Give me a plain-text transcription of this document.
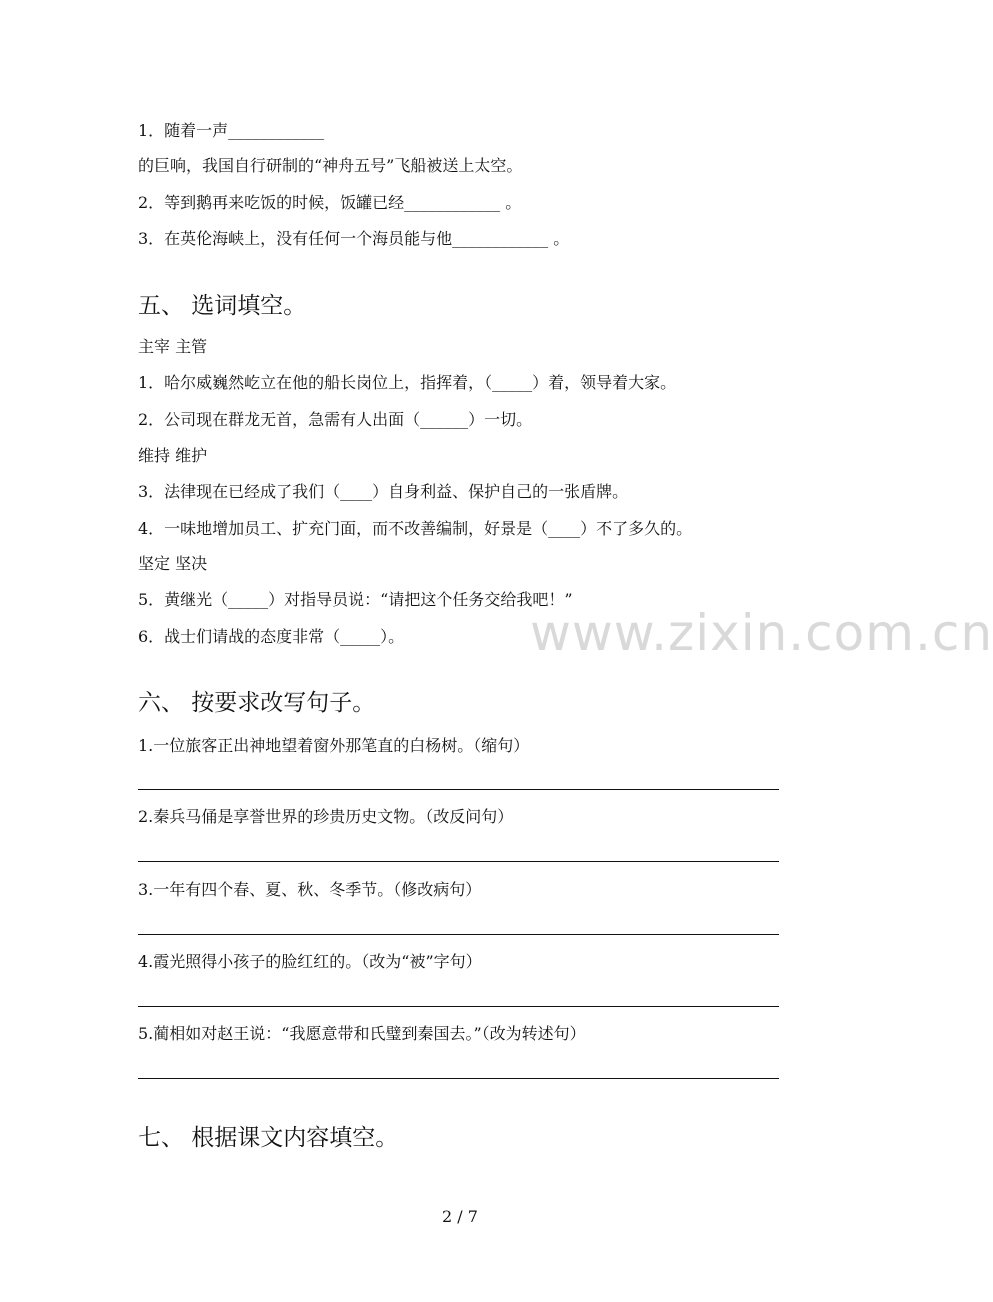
1．随着一声____________
的巨响，我国自行研制的“神舟五号”飞船被送上太空。
2．等到鹅再来吃饭的时候，饭罐已经____________ 。
3．在英伦海峡上，没有任何一个海员能与他____________ 。
五、 选词填空。
主宰 主管
1．哈尔威巍然屹立在他的船长岗位上，指挥着，（_____）着，领导着大家。
2．公司现在群龙无首，急需有人出面（______）一切。
维持 维护
3．法律现在已经成了我们（____）自身利益、保护自己的一张盾牌。
4．一味地增加员工、扩充门面，而不改善编制，好景是（____）不了多久的。
坚定 坚决
5．黄继光（_____）对指导员说：“请把这个任务交给我吧！”
6．战士们请战的态度非常（_____）。	www.zixin.com.cn
六、 按要求改写句子。
1.一位旅客正出神地望着窗外那笔直的白杨树。（缩句）
2.秦兵马俑是享誉世界的珍贵历史文物。（改反问句）
3.一年有四个春、夏、秋、冬季节。（修改病句）
4.霞光照得小孩子的脸红红的。（改为“被”字句）
5.蔺相如对赵王说：“我愿意带和氏璧到秦国去。”（改为转述句）
七、 根据课文内容填空。
2 / 7
